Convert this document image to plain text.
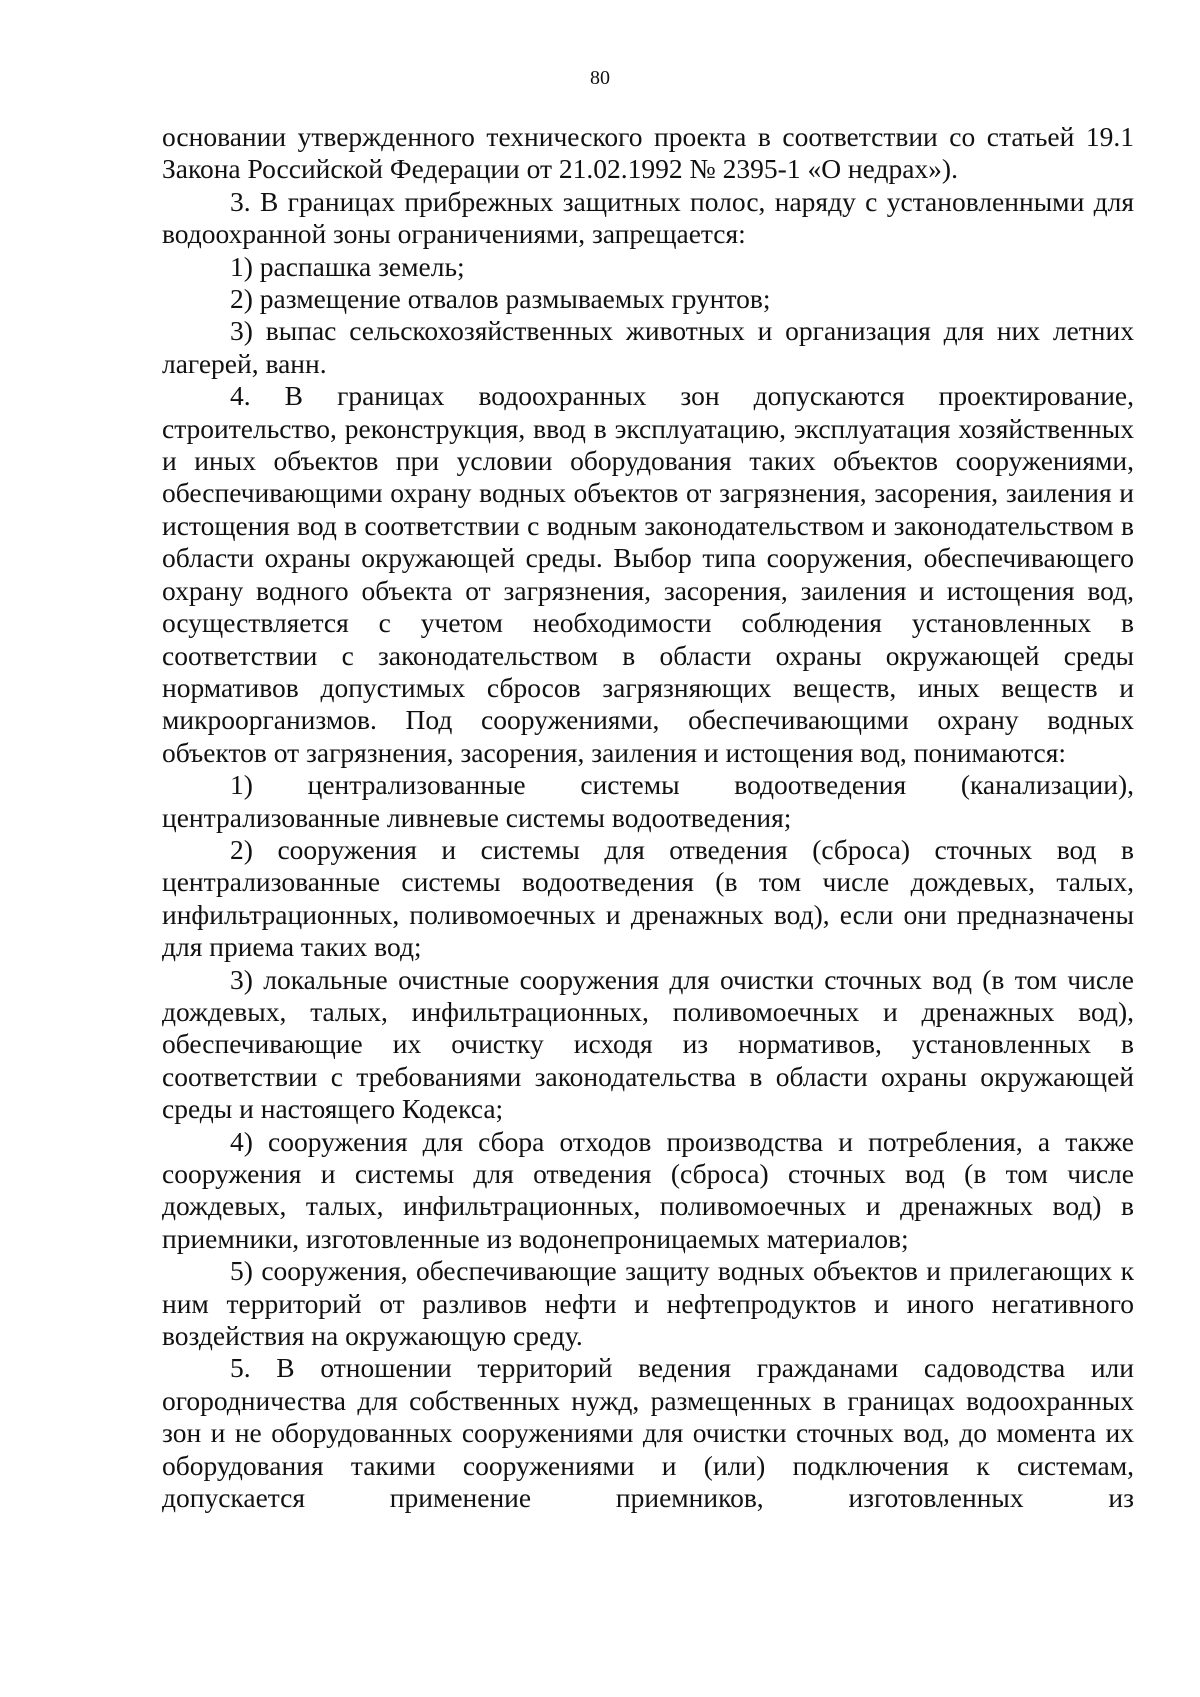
80

основании утвержденного технического проекта в соответствии со статьей 19.1 Закона Российской Федерации от 21.02.1992 № 2395-1 «О недрах»).

3. В границах прибрежных защитных полос, наряду с установленными для водоохранной зоны ограничениями, запрещается:

1) распашка земель;

2) размещение отвалов размываемых грунтов;

3) выпас сельскохозяйственных животных и организация для них летних лагерей, ванн.

4. В границах водоохранных зон допускаются проектирование, строительство, реконструкция, ввод в эксплуатацию, эксплуатация хозяйственных и иных объектов при условии оборудования таких объектов сооружениями, обеспечивающими охрану водных объектов от загрязнения, засорения, заиления и истощения вод в соответствии с водным законодательством и законодательством в области охраны окружающей среды. Выбор типа сооружения, обеспечивающего охрану водного объекта от загрязнения, засорения, заиления и истощения вод, осуществляется с учетом необходимости соблюдения установленных в соответствии с законодательством в области охраны окружающей среды нормативов допустимых сбросов загрязняющих веществ, иных веществ и микроорганизмов. Под сооружениями, обеспечивающими охрану водных объектов от загрязнения, засорения, заиления и истощения вод, понимаются:

1) централизованные системы водоотведения (канализации), централизованные ливневые системы водоотведения;

2) сооружения и системы для отведения (сброса) сточных вод в централизованные системы водоотведения (в том числе дождевых, талых, инфильтрационных, поливомоечных и дренажных вод), если они предназначены для приема таких вод;

3) локальные очистные сооружения для очистки сточных вод (в том числе дождевых, талых, инфильтрационных, поливомоечных и дренажных вод), обеспечивающие их очистку исходя из нормативов, установленных в соответствии с требованиями законодательства в области охраны окружающей среды и настоящего Кодекса;

4) сооружения для сбора отходов производства и потребления, а также сооружения и системы для отведения (сброса) сточных вод (в том числе дождевых, талых, инфильтрационных, поливомоечных и дренажных вод) в приемники, изготовленные из водонепроницаемых материалов;

5) сооружения, обеспечивающие защиту водных объектов и прилегающих к ним территорий от разливов нефти и нефтепродуктов и иного негативного воздействия на окружающую среду.

5. В отношении территорий ведения гражданами садоводства или огородничества для собственных нужд, размещенных в границах водоохранных зон и не оборудованных сооружениями для очистки сточных вод, до момента их оборудования такими сооружениями и (или) подключения к системам, допускается применение приемников, изготовленных из
